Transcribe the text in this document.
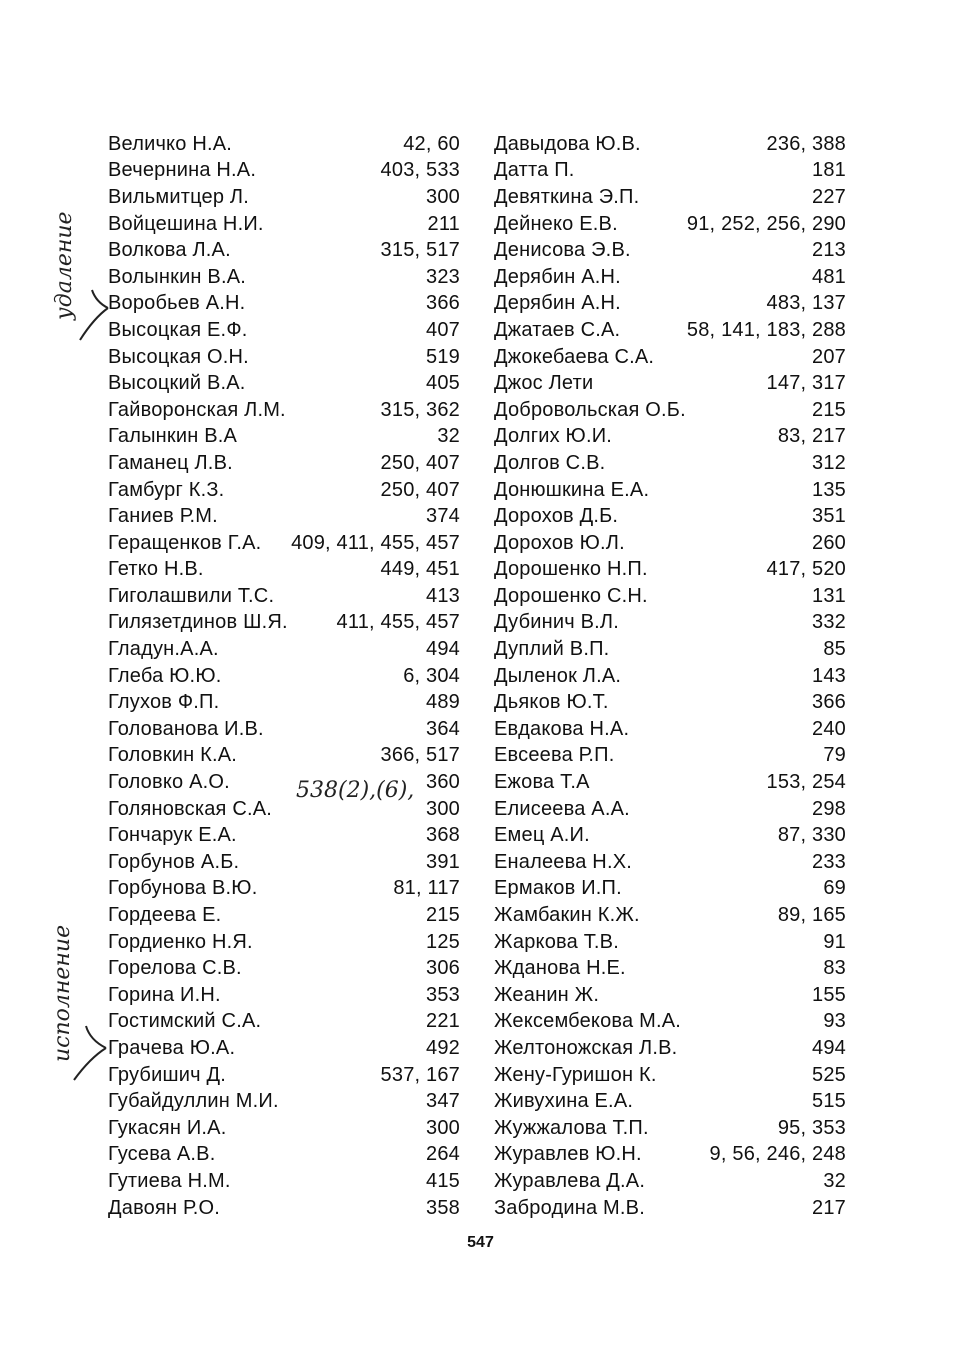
Величко Н.А.	42, 60
Вечернина Н.А.	403, 533
Вильмитцер Л.	300
Войцешина Н.И.	211
Волкова Л.А.	315, 517
Волынкин В.А.	323
Воробьев А.Н.	366
Высоцкая Е.Ф.	407
Высоцкая О.Н.	519
Высоцкий В.А.	405
Гайворонская Л.М.	315, 362
Галынкин В.А	32
Гаманец Л.В.	250, 407
Гамбург К.З.	250, 407
Ганиев Р.М.	374
Геращенков Г.А. 409, 411, 455, 457
Гетко Н.В.	449, 451
Гиголашвили Т.С.	413
Гилязетдинов Ш.Я. 411, 455, 457
Гладун.А.А.	494
Глеба Ю.Ю.	6, 304
Глухов Ф.П.	489
Голованова И.В.	364
Головкин К.А.	366, 517
Головко А.О.	360
Голяновская С.А.	300
Гончарук Е.А.	368
Горбунов А.Б.	391
Горбунова В.Ю.	81, 117
Гордеева Е.	215
Гордиенко Н.Я.	125
Горелова С.В.	306
Горина И.Н.	353
Гостимский С.А.	221
Грачева Ю.А.	492
Грубишич Д.	537, 167
Губайдуллин М.И.	347
Гукасян И.А.	300
Гусева А.В.	264
Гутиева Н.М.	415
Давоян Р.О.	358
Давыдова Ю.В.	236, 388
Датта П.	181
Девяткина Э.П.	227
Дейнеко Е.В.	91, 252, 256, 290
Денисова Э.В.	213
Дерябин А.Н.	481
Дерябин А.Н.	483, 137
Джатаев С.А.	58, 141, 183, 288
Джокебаева С.А.	207
Джос Лети	147, 317
Добровольская О.Б.	215
Долгих Ю.И.	83, 217
Долгов С.В.	312
Донюшкина Е.А.	135
Дорохов Д.Б.	351
Дорохов Ю.Л.	260
Дорошенко Н.П.	417, 520
Дорошенко С.Н.	131
Дубинич В.Л.	332
Дуплий В.П.	85
Дыленок Л.А.	143
Дьяков Ю.Т.	366
Евдакова Н.А.	240
Евсеева Р.П.	79
Ежова Т.А	153, 254
Елисеева А.А.	298
Емец А.И.	87, 330
Еналеева Н.Х.	233
Ермаков И.П.	69
Жамбакин К.Ж.	89, 165
Жаркова Т.В.	91
Жданова Н.Е.	83
Жеанин Ж.	155
Жексембекова М.А.	93
Желтоножская Л.В.	494
Жену-Гуришон К.	525
Живухина Е.А.	515
Жужжалова Т.П.	95, 353
Журавлев Ю.Н.	9, 56, 246, 248
Журавлева Д.А.	32
Забродина М.В.	217
удаление
исполнение
538(2),(6),
547
